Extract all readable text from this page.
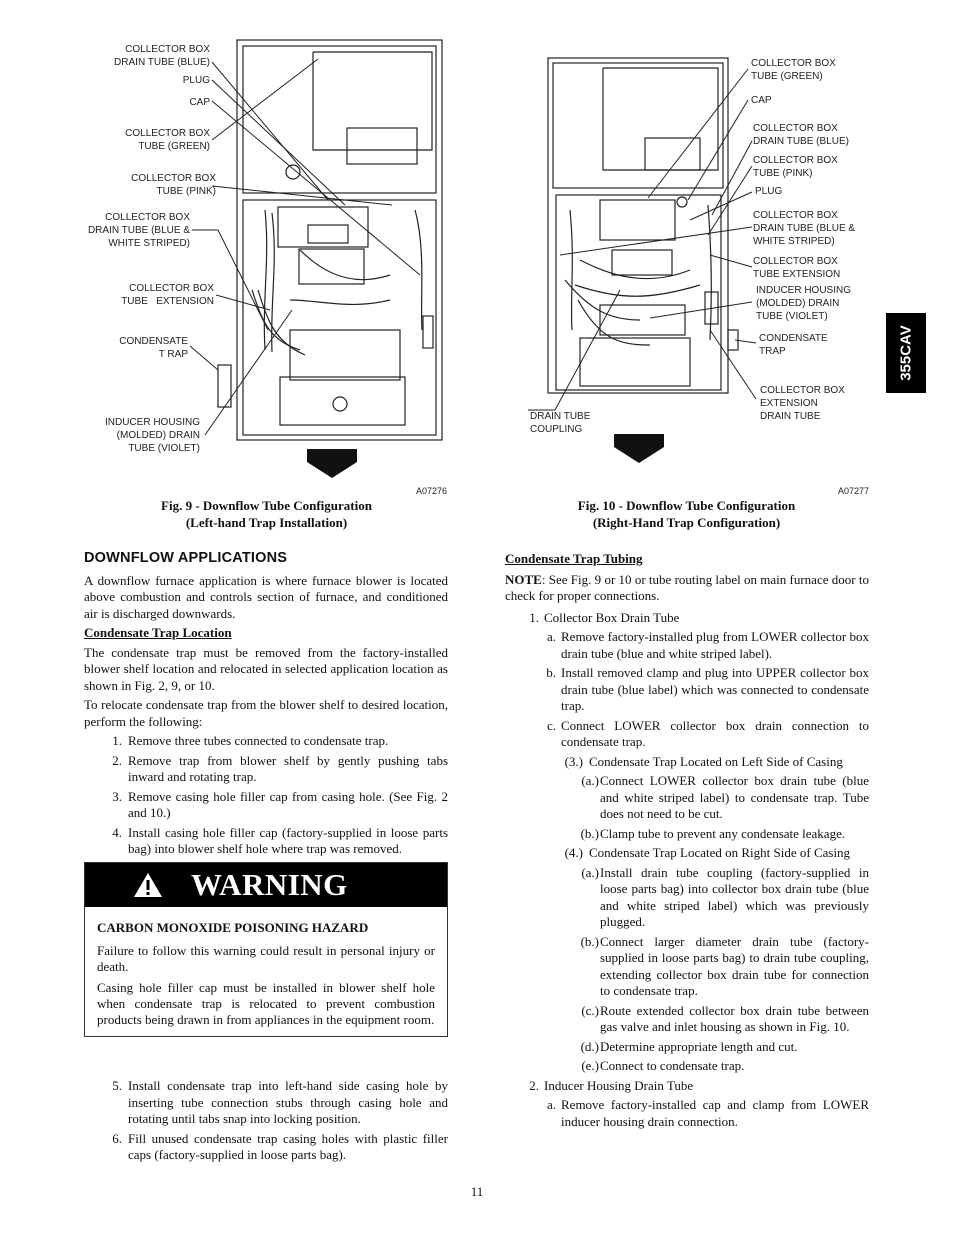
COLLECTOR BOX
DRAIN TUBE (BLUE)
PLUG
CAP
COLLECTOR BOX
TUBE (GREEN)
COLLECTOR BOX
TUBE (PINK)
COLLECTOR BOX
DRAIN TUBE (BLUE &
WHITE STRIPED)
COLLECTOR BOX
TUBE   EXTENSION
CONDENSATE
T RAP
INDUCER HOUSING
(MOLDED) DRAIN
TUBE (VIOLET)
A07276
Fig. 9 - Downflow Tube Configuration
(Left-hand Trap Installation)
COLLECTOR BOX
TUBE (GREEN)
CAP
COLLECTOR BOX
DRAIN TUBE (BLUE)
COLLECTOR BOX
TUBE (PINK)
PLUG
COLLECTOR BOX
DRAIN TUBE (BLUE &
WHITE STRIPED)
COLLECTOR BOX
TUBE EXTENSION
INDUCER HOUSING
(MOLDED) DRAIN
TUBE (VIOLET)
CONDENSATE
TRAP
COLLECTOR BOX
EXTENSION
DRAIN TUBE
DRAIN TUBE
COUPLING
A07277
Fig. 10 - Downflow Tube Configuration
(Right-Hand Trap Configuration)
355CAV
DOWNFLOW APPLICATIONS

A downflow furnace application is where furnace blower is located above combustion and controls section of furnace, and conditioned air is discharged downwards.

Condensate Trap Location

The condensate trap must be removed from the factory-installed blower shelf location and relocated in selected application location as shown in Fig. 2, 9, or 10.

To relocate condensate trap from the blower shelf to desired location, perform the following:

1. Remove three tubes connected to condensate trap.
2. Remove trap from blower shelf by gently pushing tabs inward and rotating trap.
3. Remove casing hole filler cap from casing hole. (See Fig. 2 and 10.)
4. Install casing hole filler cap (factory-supplied in loose parts bag) into blower shelf hole where trap was removed.
WARNING

CARBON MONOXIDE POISONING HAZARD

Failure to follow this warning could result in personal injury or death.

Casing hole filler cap must be installed in blower shelf hole when condensate trap is relocated to prevent combustion products being drawn in from appliances in the equipment room.

5. Install condensate trap into left-hand side casing hole by inserting tube connection stubs through casing hole and rotating until tabs snap into locking position.
6. Fill unused condensate trap casing holes with plastic filler caps (factory-supplied in loose parts bag).
Condensate Trap Tubing

NOTE: See Fig. 9 or 10 or tube routing label on main furnace door to check for proper connections.

1. Collector Box Drain Tube
a. Remove factory-installed plug from LOWER collector box drain tube (blue and white striped label).
b. Install removed clamp and plug into UPPER collector box drain tube (blue label) which was connected to condensate trap.
c. Connect LOWER collector box drain connection to condensate trap.
(3.) Condensate Trap Located on Left Side of Casing
(a.) Connect LOWER collector box drain tube (blue and white striped label) to condensate trap. Tube does not need to be cut.
(b.) Clamp tube to prevent any condensate leakage.
(4.) Condensate Trap Located on Right Side of Casing
(a.) Install drain tube coupling (factory-supplied in loose parts bag) into collector box drain tube (blue and white striped label) which was previously plugged.
(b.) Connect larger diameter drain tube (factory-supplied in loose parts bag) to drain tube coupling, extending collector box drain tube for connection to condensate trap.
(c.) Route extended collector box drain tube between gas valve and inlet housing as shown in Fig. 10.
(d.) Determine appropriate length and cut.
(e.) Connect to condensate trap.
2. Inducer Housing Drain Tube
a. Remove factory-installed cap and clamp from LOWER inducer housing drain connection.
11
